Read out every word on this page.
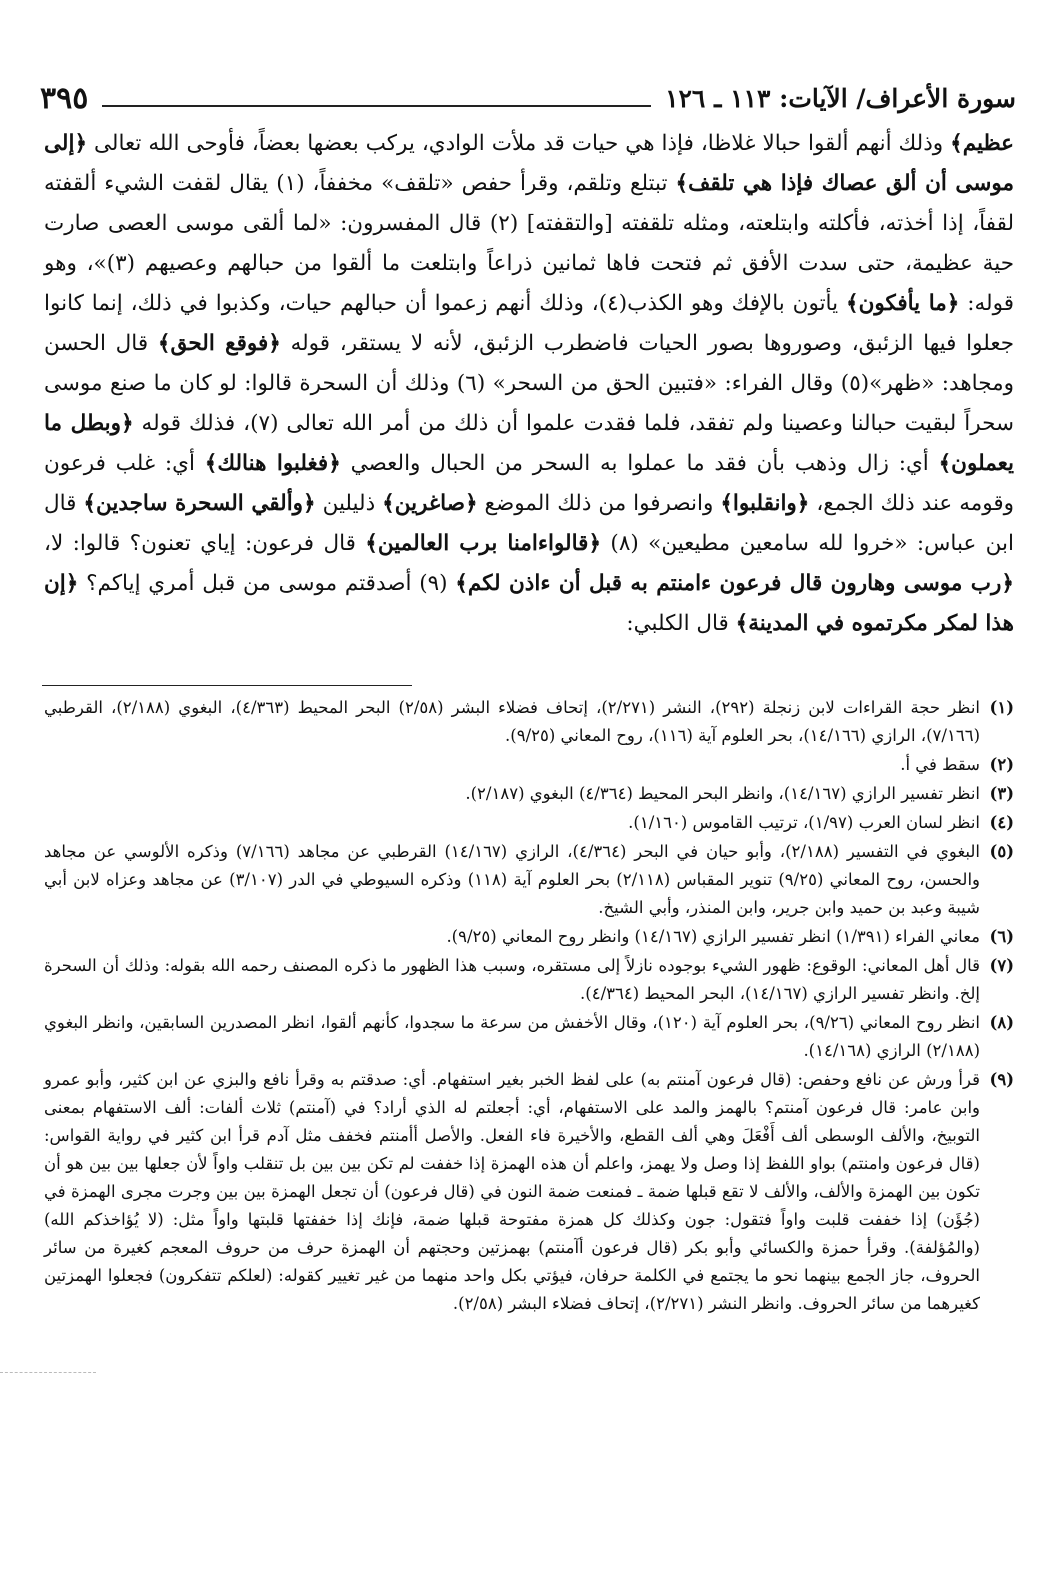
سورة الأعراف/ الآيات: ١١٣ ـ ١٢٦
٣٩٥

عظيم﴾ وذلك أنهم ألقوا حبالا غلاظا، فإذا هي حيات قد ملأت الوادي، يركب بعضها بعضاً، فأوحى الله تعالى ﴿إلى موسى أن ألق عصاك فإذا هي تلقف﴾ تبتلع وتلقم، وقرأ حفص «تلقف» مخففاً، (١) يقال لقفت الشيء ألقفته لقفاً، إذا أخذته، فأكلته وابتلعته، ومثله تلقفته [والتقفته] (٢) قال المفسرون: «لما ألقى موسى العصى صارت حية عظيمة، حتى سدت الأفق ثم فتحت فاها ثمانين ذراعاً وابتلعت ما ألقوا من حبالهم وعصيهم (٣)»، وهو قوله: ﴿ما يأفكون﴾ يأتون بالإفك وهو الكذب(٤)، وذلك أنهم زعموا أن حبالهم حيات، وكذبوا في ذلك، إنما كانوا جعلوا فيها الزئبق، وصوروها بصور الحيات فاضطرب الزئبق، لأنه لا يستقر، قوله ﴿فوقع الحق﴾ قال الحسن ومجاهد: «ظهر»(٥) وقال الفراء: «فتبين الحق من السحر» (٦) وذلك أن السحرة قالوا: لو كان ما صنع موسى سحراً لبقيت حبالنا وعصينا ولم تفقد، فلما فقدت علموا أن ذلك من أمر الله تعالى (٧)، فذلك قوله ﴿وبطل ما يعملون﴾ أي: زال وذهب بأن فقد ما عملوا به السحر من الحبال والعصي ﴿فغلبوا هنالك﴾ أي: غلب فرعون وقومه عند ذلك الجمع، ﴿وانقلبوا﴾ وانصرفوا من ذلك الموضع ﴿صاغرين﴾ ذليلين ﴿وألقي السحرة ساجدين﴾ قال ابن عباس: «خروا لله سامعين مطيعين» (٨) ﴿قالواءامنا برب العالمين﴾ قال فرعون: إياي تعنون؟ قالوا: لا، ﴿رب موسى وهارون قال فرعون ءامنتم به قبل أن ءاذن لكم﴾ (٩) أصدقتم موسى من قبل أمري إياكم؟ ﴿إن هذا لمكر مكرتموه في المدينة﴾ قال الكلبي:

(١)
انظر حجة القراءات لابن زنجلة (٢٩٢)، النشر (٢/٢٧١)، إتحاف فضلاء البشر (٢/٥٨) البحر المحيط (٤/٣٦٣)، البغوي (٢/١٨٨)، القرطبي (٧/١٦٦)، الرازي (١٤/١٦٦)، بحر العلوم آية (١١٦)، روح المعاني (٩/٢٥).
(٢)
سقط في أ.
(٣)
انظر تفسير الرازي (١٤/١٦٧)، وانظر البحر المحيط (٤/٣٦٤) البغوي (٢/١٨٧).
(٤)
انظر لسان العرب (١/٩٧)، ترتيب القاموس (١/١٦٠).
(٥)
البغوي في التفسير (٢/١٨٨)، وأبو حيان في البحر (٤/٣٦٤)، الرازي (١٤/١٦٧) القرطبي عن مجاهد (٧/١٦٦) وذكره الألوسي عن مجاهد والحسن، روح المعاني (٩/٢٥) تنوير المقباس (٢/١١٨) بحر العلوم آية (١١٨) وذكره السيوطي في الدر (٣/١٠٧) عن مجاهد وعزاه لابن أبي شيبة وعبد بن حميد وابن جرير، وابن المنذر، وأبي الشيخ.
(٦)
معاني الفراء (١/٣٩١) انظر تفسير الرازي (١٤/١٦٧) وانظر روح المعاني (٩/٢٥).
(٧)
قال أهل المعاني: الوقوع: ظهور الشيء بوجوده نازلاً إلى مستقره، وسبب هذا الظهور ما ذكره المصنف رحمه الله بقوله: وذلك أن السحرة إلخ. وانظر تفسير الرازي (١٤/١٦٧)، البحر المحيط (٤/٣٦٤).
(٨)
انظر روح المعاني (٩/٢٦)، بحر العلوم آية (١٢٠)، وقال الأخفش من سرعة ما سجدوا، كأنهم ألقوا، انظر المصدرين السابقين، وانظر البغوي (٢/١٨٨) الرازي (١٤/١٦٨).
(٩)
قرأ ورش عن نافع وحفص: (قال فرعون آمنتم به) على لفظ الخبر بغير استفهام. أي: صدقتم به وقرأ نافع والبزي عن ابن كثير، وأبو عمرو وابن عامر: قال فرعون آمنتم؟ بالهمز والمد على الاستفهام، أي: أجعلتم له الذي أراد؟ في (آمنتم) ثلاث ألفات: ألف الاستفهام بمعنى التوبيخ، والألف الوسطى ألف أَفْعَلَ وهي ألف القطع، والأخيرة فاء الفعل. والأصل أأمنتم فخفف مثل آدم قرأ ابن كثير في رواية القواس: (قال فرعون وامنتم) بواو اللفظ إذا وصل ولا يهمز، واعلم أن هذه الهمزة إذا خففت لم تكن بين بين بل تنقلب واواً لأن جعلها بين بين هو أن تكون بين الهمزة والألف، والألف لا تقع قبلها ضمة ـ فمنعت ضمة النون في (قال فرعون) أن تجعل الهمزة بين بين وجرت مجرى الهمزة في (جُؤَن) إذا خففت قلبت واواً فتقول: جون وكذلك كل همزة مفتوحة قبلها ضمة، فإنك إذا خففتها قلبتها واواً مثل: (لا يُؤاخذكم الله) (والمُؤلفة). وقرأ حمزة والكسائي وأبو بكر (قال فرعون أآمنتم) بهمزتين وحجتهم أن الهمزة حرف من حروف المعجم كغيرة من سائر الحروف، جاز الجمع بينهما نحو ما يجتمع في الكلمة حرفان، فيؤتي بكل واحد منهما من غير تغيير كقوله: (لعلكم تتفكرون) فجعلوا الهمزتين كغيرهما من سائر الحروف. وانظر النشر (٢/٢٧١)، إتحاف فضلاء البشر (٢/٥٨).
